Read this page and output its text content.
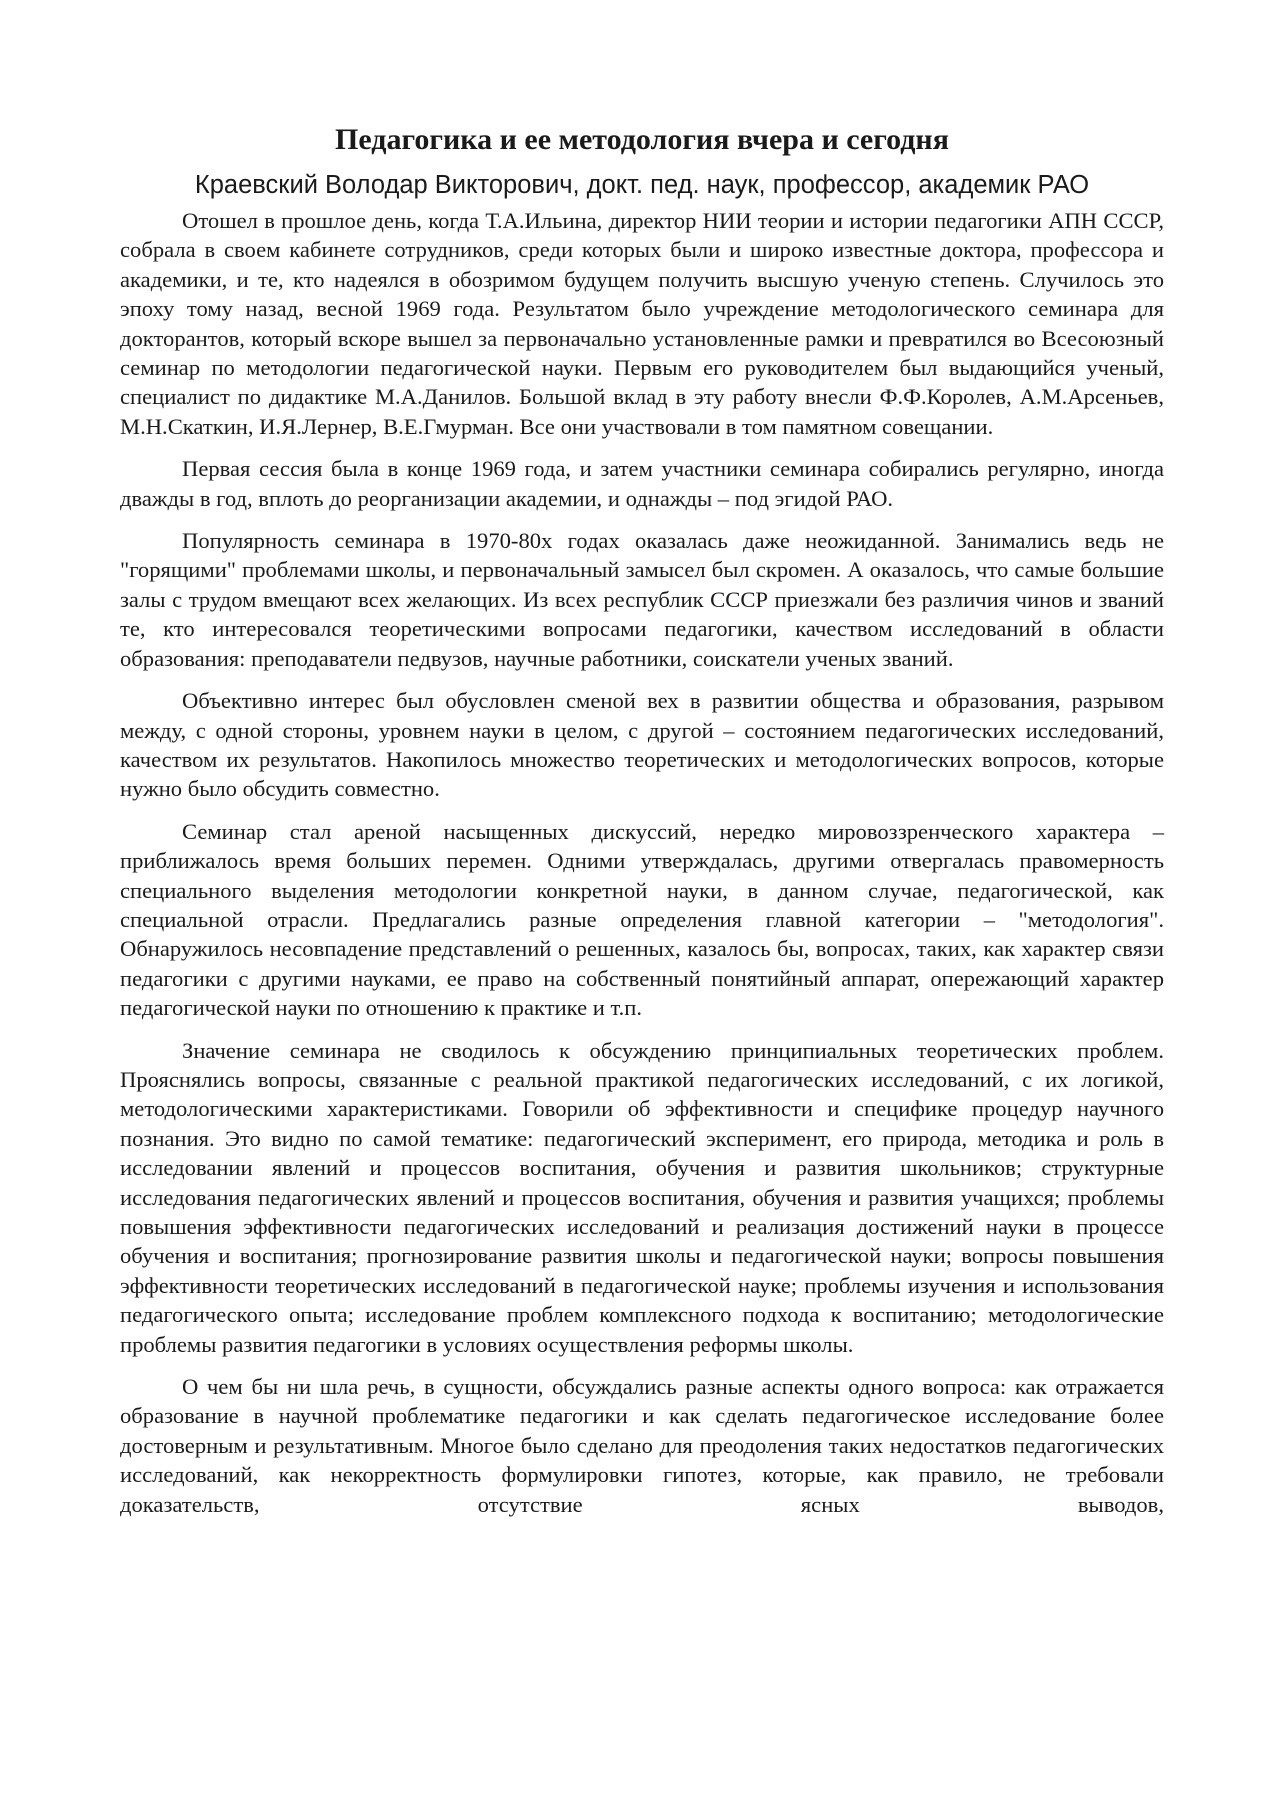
Педагогика и ее методология вчера и сегодня

Краевский Володар Викторович, докт. пед. наук, профессор, академик РАО

Отошел в прошлое день, когда Т.А.Ильина, директор НИИ теории и истории педагогики АПН СССР, собрала в своем кабинете сотрудников, среди которых были и широко известные доктора, профессора и академики, и те, кто надеялся в обозримом будущем получить высшую ученую степень. Случилось это эпоху тому назад, весной 1969 года. Результатом было учреждение методологического семинара для докторантов, который вскоре вышел за первоначально установленные рамки и превратился во Всесоюзный семинар по методологии педагогической науки. Первым его руководителем был выдающийся ученый, специалист по дидактике М.А.Данилов. Большой вклад в эту работу внесли Ф.Ф.Королев, А.М.Арсеньев, М.Н.Скаткин, И.Я.Лернер, В.Е.Гмурман. Все они участвовали в том памятном совещании.

Первая сессия была в конце 1969 года, и затем участники семинара собирались регулярно, иногда дважды в год, вплоть до реорганизации академии, и однажды – под эгидой РАО.

Популярность семинара в 1970-80х годах оказалась даже неожиданной. Занимались ведь не "горящими" проблемами школы, и первоначальный замысел был скромен. А оказалось, что самые большие залы с трудом вмещают всех желающих. Из всех республик СССР приезжали без различия чинов и званий те, кто интересовался теоретическими вопросами педагогики, качеством исследований в области образования: преподаватели педвузов, научные работники, соискатели ученых званий.

Объективно интерес был обусловлен сменой вех в развитии общества и образования, разрывом между, с одной стороны, уровнем науки в целом, с другой – состоянием педагогических исследований, качеством их результатов. Накопилось множество теоретических и методологических вопросов, которые нужно было обсудить совместно.

Семинар стал ареной насыщенных дискуссий, нередко мировоззренческого характера – приближалось время больших перемен. Одними утверждалась, другими отвергалась правомерность специального выделения методологии конкретной науки, в данном случае, педагогической, как специальной отрасли. Предлагались разные определения главной категории – "методология". Обнаружилось несовпадение представлений о решенных, казалось бы, вопросах, таких, как характер связи педагогики с другими науками, ее право на собственный понятийный аппарат, опережающий характер педагогической науки по отношению к практике и т.п.

Значение семинара не сводилось к обсуждению принципиальных теоретических проблем. Прояснялись вопросы, связанные с реальной практикой педагогических исследований, с их логикой, методологическими характеристиками. Говорили об эффективности и специфике процедур научного познания. Это видно по самой тематике: педагогический эксперимент, его природа, методика и роль в исследовании явлений и процессов воспитания, обучения и развития школьников; структурные исследования педагогических явлений и процессов воспитания, обучения и развития учащихся; проблемы повышения эффективности педагогических исследований и реализация достижений науки в процессе обучения и воспитания; прогнозирование развития школы и педагогической науки; вопросы повышения эффективности теоретических исследований в педагогической науке; проблемы изучения и использования педагогического опыта; исследование проблем комплексного подхода к воспитанию; методологические проблемы развития педагогики в условиях осуществления реформы школы.

О чем бы ни шла речь, в сущности, обсуждались разные аспекты одного вопроса: как отражается образование в научной проблематике педагогики и как сделать педагогическое исследование более достоверным и результативным. Многое было сделано для преодоления таких недостатков педагогических исследований, как некорректность формулировки гипотез, которые, как правило, не требовали доказательств, отсутствие ясных выводов,
